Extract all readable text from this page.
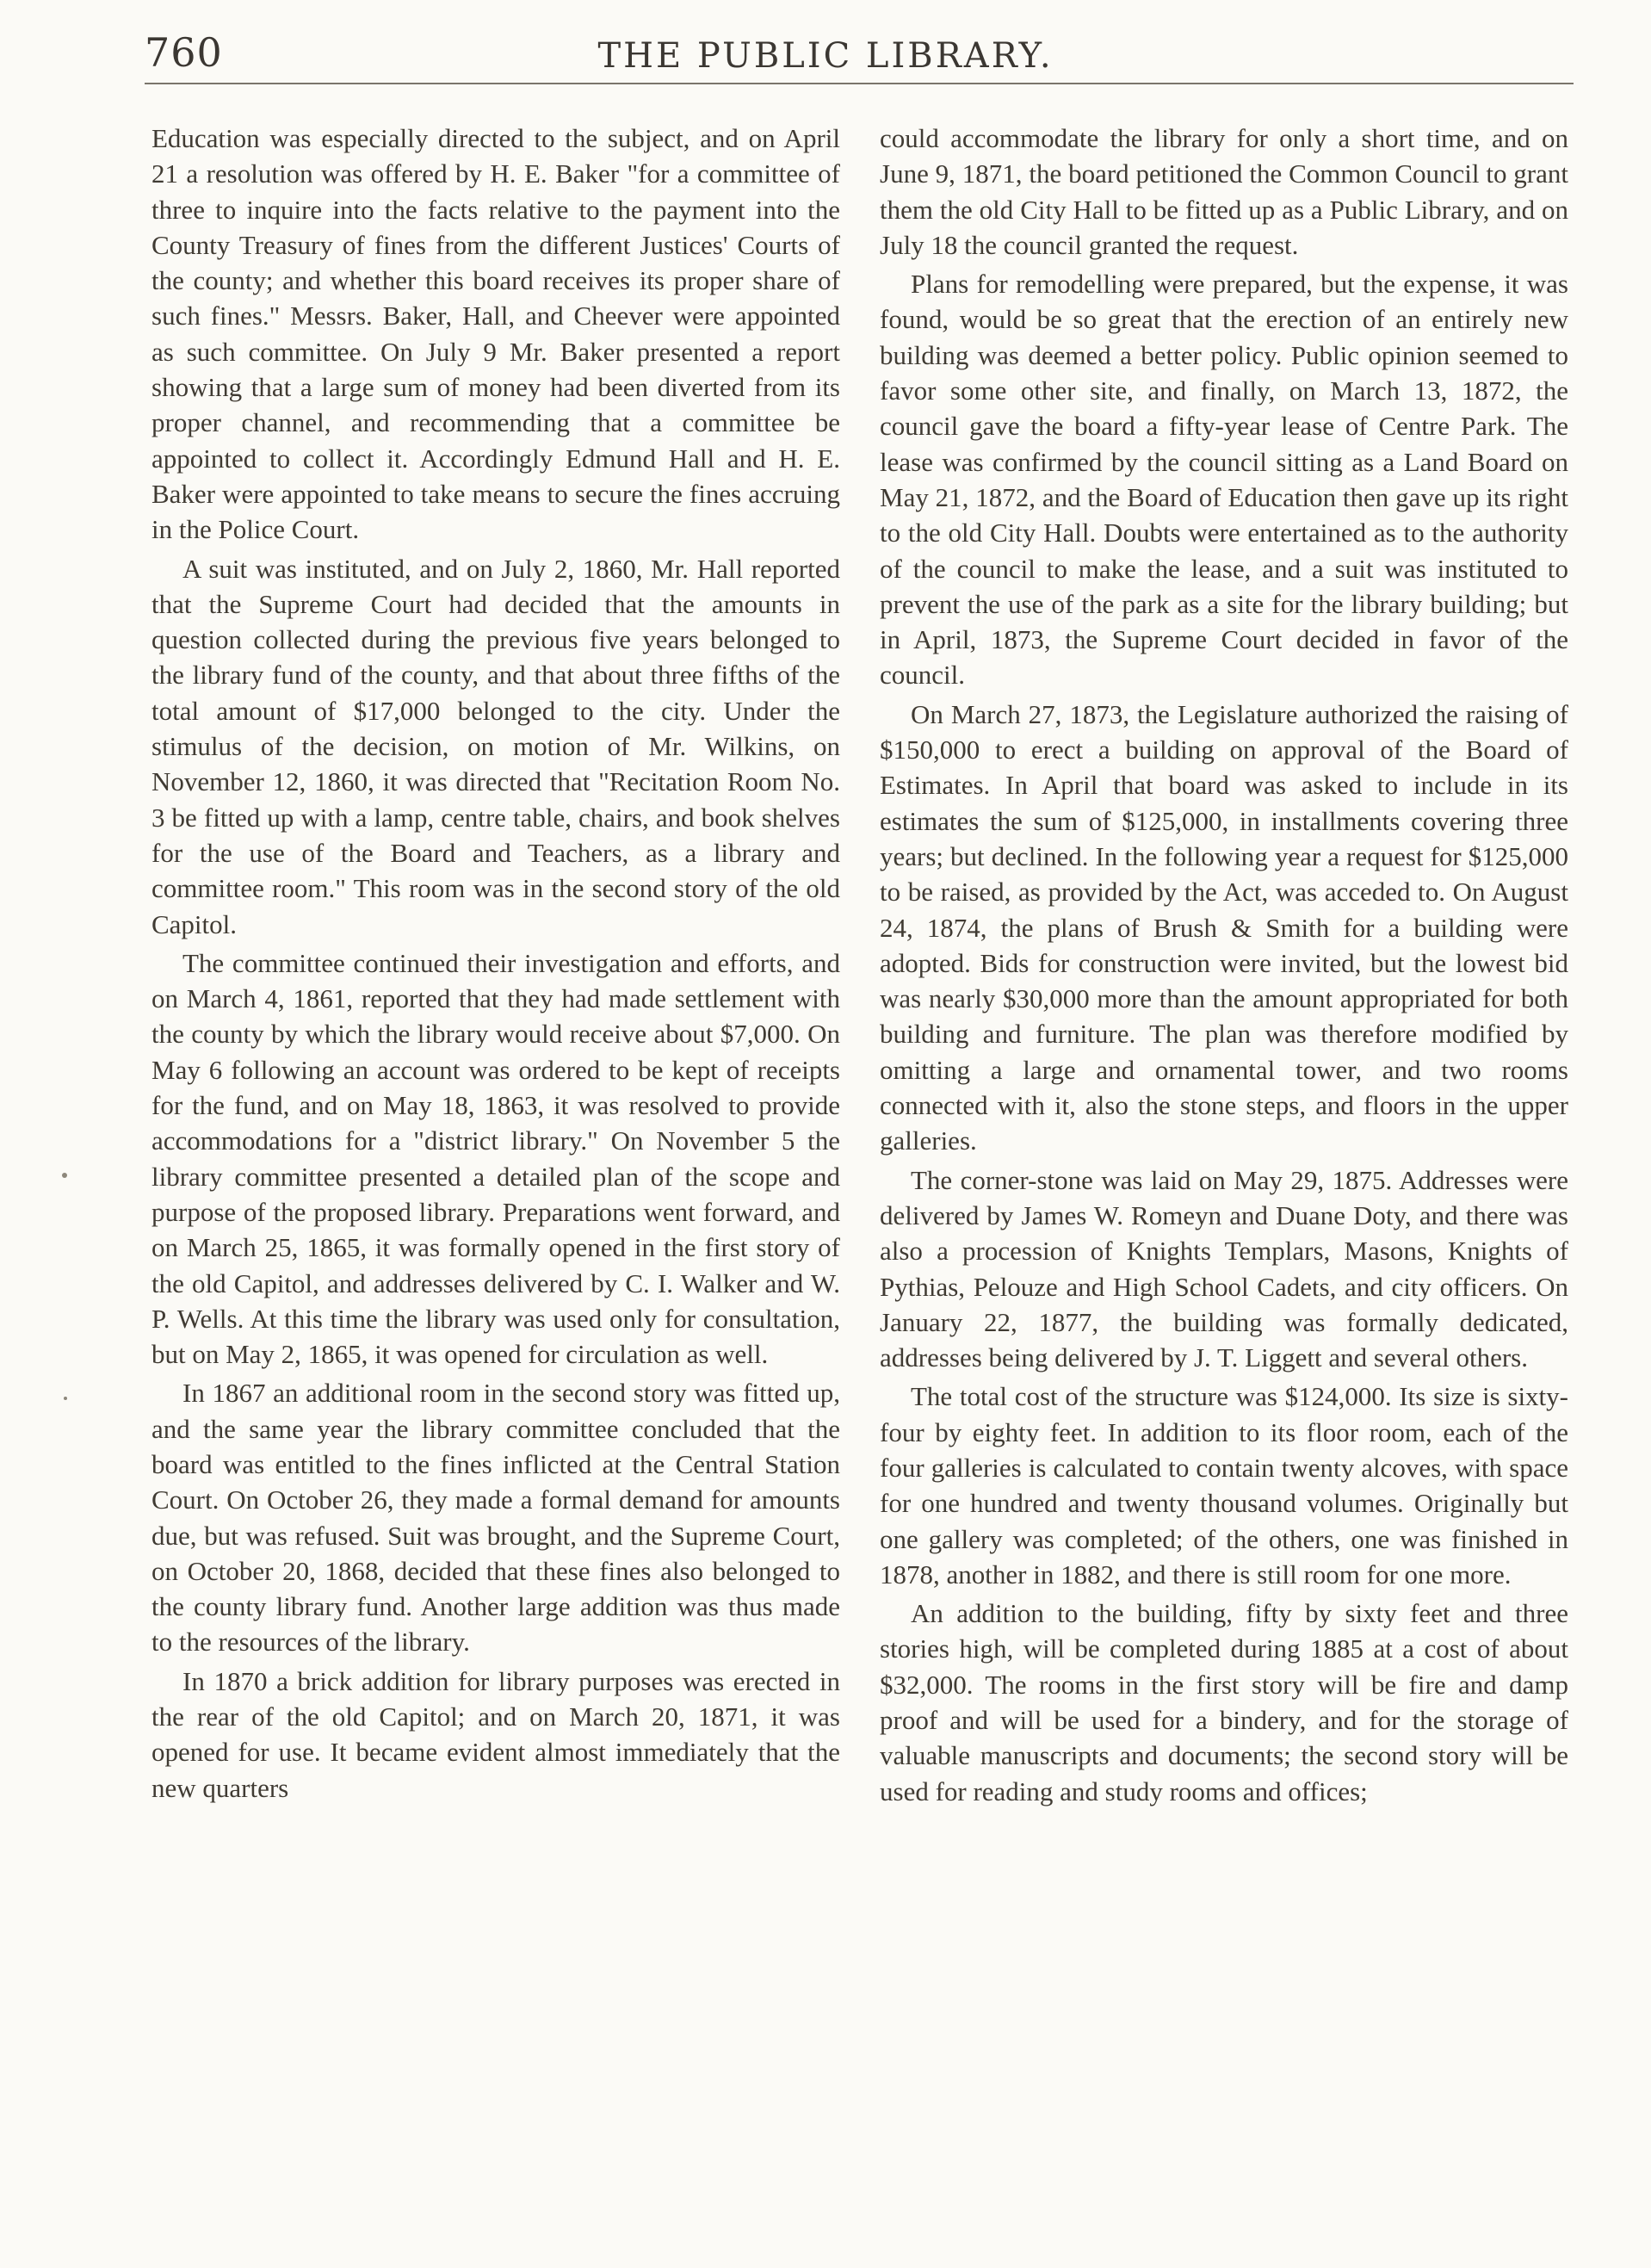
760	THE PUBLIC LIBRARY.

Education was especially directed to the subject, and on April 21 a resolution was offered by H. E. Baker "for a committee of three to inquire into the facts relative to the payment into the County Treasury of fines from the different Justices' Courts of the county; and whether this board receives its proper share of such fines." Messrs. Baker, Hall, and Cheever were appointed as such committee. On July 9 Mr. Baker presented a report showing that a large sum of money had been diverted from its proper channel, and recommending that a committee be appointed to collect it. Accordingly Edmund Hall and H. E. Baker were appointed to take means to secure the fines accruing in the Police Court.

A suit was instituted, and on July 2, 1860, Mr. Hall reported that the Supreme Court had decided that the amounts in question collected during the previous five years belonged to the library fund of the county, and that about three fifths of the total amount of $17,000 belonged to the city. Under the stimulus of the decision, on motion of Mr. Wilkins, on November 12, 1860, it was directed that "Recitation Room No. 3 be fitted up with a lamp, centre table, chairs, and book shelves for the use of the Board and Teachers, as a library and committee room." This room was in the second story of the old Capitol.

The committee continued their investigation and efforts, and on March 4, 1861, reported that they had made settlement with the county by which the library would receive about $7,000. On May 6 following an account was ordered to be kept of receipts for the fund, and on May 18, 1863, it was resolved to provide accommodations for a "district library." On November 5 the library committee presented a detailed plan of the scope and purpose of the proposed library. Preparations went forward, and on March 25, 1865, it was formally opened in the first story of the old Capitol, and addresses delivered by C. I. Walker and W. P. Wells. At this time the library was used only for consultation, but on May 2, 1865, it was opened for circulation as well.

In 1867 an additional room in the second story was fitted up, and the same year the library committee concluded that the board was entitled to the fines inflicted at the Central Station Court. On October 26, they made a formal demand for amounts due, but was refused. Suit was brought, and the Supreme Court, on October 20, 1868, decided that these fines also belonged to the county library fund. Another large addition was thus made to the resources of the library.

In 1870 a brick addition for library purposes was erected in the rear of the old Capitol; and on March 20, 1871, it was opened for use. It became evident almost immediately that the new quarters

could accommodate the library for only a short time, and on June 9, 1871, the board petitioned the Common Council to grant them the old City Hall to be fitted up as a Public Library, and on July 18 the council granted the request.

Plans for remodelling were prepared, but the expense, it was found, would be so great that the erection of an entirely new building was deemed a better policy. Public opinion seemed to favor some other site, and finally, on March 13, 1872, the council gave the board a fifty-year lease of Centre Park. The lease was confirmed by the council sitting as a Land Board on May 21, 1872, and the Board of Education then gave up its right to the old City Hall. Doubts were entertained as to the authority of the council to make the lease, and a suit was instituted to prevent the use of the park as a site for the library building; but in April, 1873, the Supreme Court decided in favor of the council.

On March 27, 1873, the Legislature authorized the raising of $150,000 to erect a building on approval of the Board of Estimates. In April that board was asked to include in its estimates the sum of $125,000, in installments covering three years; but declined. In the following year a request for $125,000 to be raised, as provided by the Act, was acceded to. On August 24, 1874, the plans of Brush & Smith for a building were adopted. Bids for construction were invited, but the lowest bid was nearly $30,000 more than the amount appropriated for both building and furniture. The plan was therefore modified by omitting a large and ornamental tower, and two rooms connected with it, also the stone steps, and floors in the upper galleries.

The corner-stone was laid on May 29, 1875. Addresses were delivered by James W. Romeyn and Duane Doty, and there was also a procession of Knights Templars, Masons, Knights of Pythias, Pelouze and High School Cadets, and city officers. On January 22, 1877, the building was formally dedicated, addresses being delivered by J. T. Liggett and several others.

The total cost of the structure was $124,000. Its size is sixty-four by eighty feet. In addition to its floor room, each of the four galleries is calculated to contain twenty alcoves, with space for one hundred and twenty thousand volumes. Originally but one gallery was completed; of the others, one was finished in 1878, another in 1882, and there is still room for one more.

An addition to the building, fifty by sixty feet and three stories high, will be completed during 1885 at a cost of about $32,000. The rooms in the first story will be fire and damp proof and will be used for a bindery, and for the storage of valuable manuscripts and documents; the second story will be used for reading and study rooms and offices;
